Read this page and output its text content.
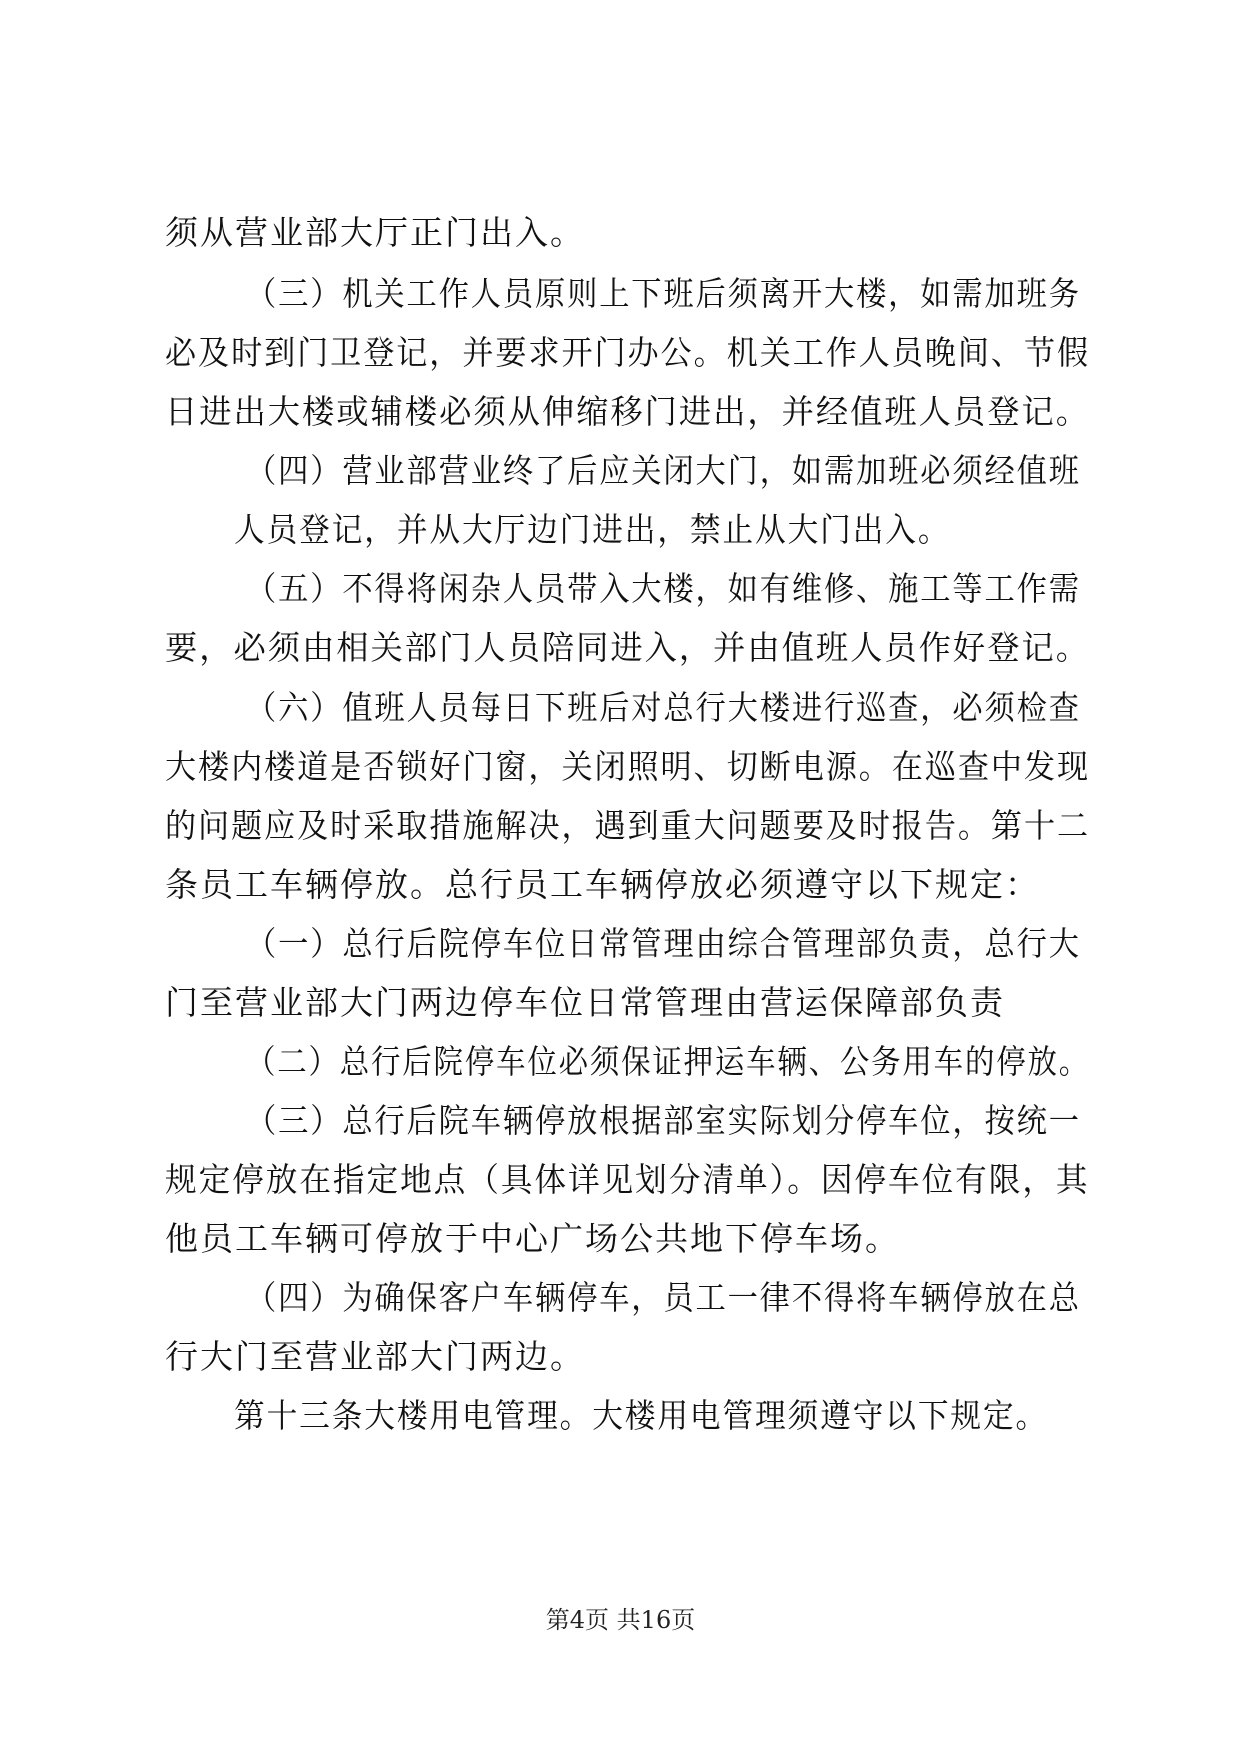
须从营业部大厅正门出入。
（三）机关工作人员原则上下班后须离开大楼，如需加班务
必及时到门卫登记，并要求开门办公。机关工作人员晚间、节假
日进出大楼或辅楼必须从伸缩移门进出，并经值班人员登记。
（四）营业部营业终了后应关闭大门，如需加班必须经值班
人员登记，并从大厅边门进出，禁止从大门出入。
（五）不得将闲杂人员带入大楼，如有维修、施工等工作需
要，必须由相关部门人员陪同进入，并由值班人员作好登记。
（六）值班人员每日下班后对总行大楼进行巡查，必须检查
大楼内楼道是否锁好门窗，关闭照明、切断电源。在巡查中发现
的问题应及时采取措施解决，遇到重大问题要及时报告。第十二
条员工车辆停放。总行员工车辆停放必须遵守以下规定：
（一）总行后院停车位日常管理由综合管理部负责，总行大
门至营业部大门两边停车位日常管理由营运保障部负责
（二）总行后院停车位必须保证押运车辆、公务用车的停放。
（三）总行后院车辆停放根据部室实际划分停车位，按统一
规定停放在指定地点（具体详见划分清单）。因停车位有限，其
他员工车辆可停放于中心广场公共地下停车场。
（四）为确保客户车辆停车，员工一律不得将车辆停放在总
行大门至营业部大门两边。
第十三条大楼用电管理。大楼用电管理须遵守以下规定。
第4页 共16页
